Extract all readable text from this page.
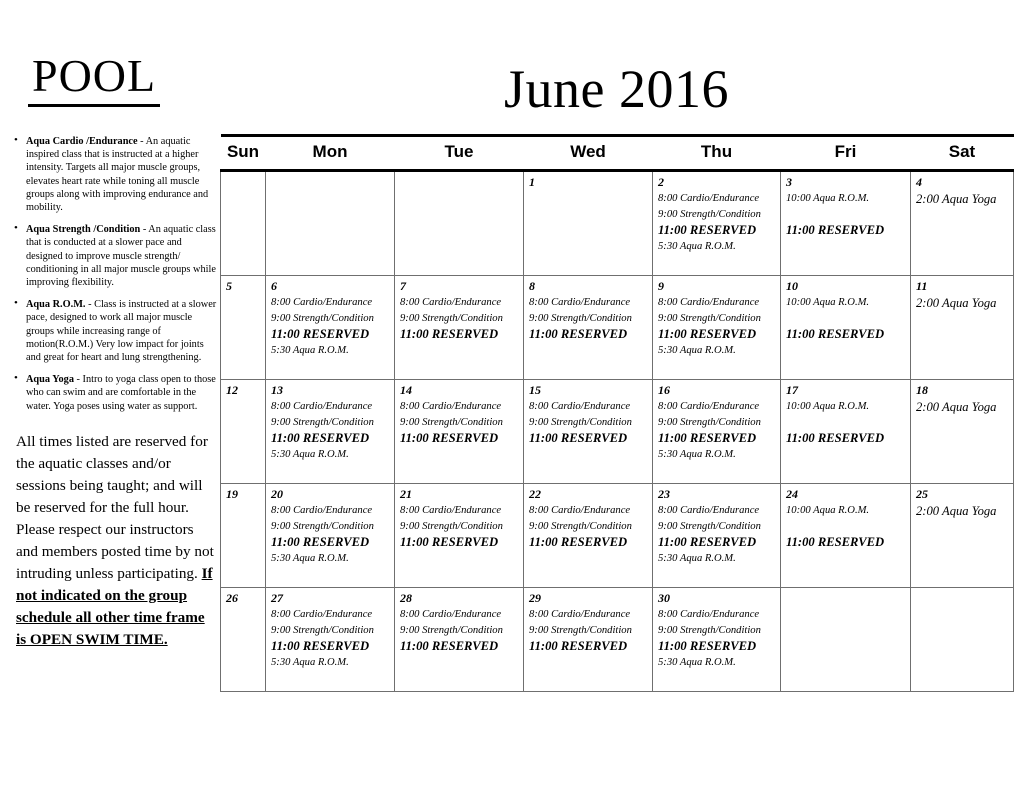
POOL
• Aqua Cardio /Endurance - An aquatic inspired class that is instructed at a higher intensity. Targets all major muscle groups, elevates heart rate while toning all muscle groups along with improving endurance and mobility.
• Aqua Strength /Condition - An aquatic class that is conducted at a slower pace and designed to improve muscle strength/ conditioning in all major muscle groups while improving flexibility.
• Aqua R.O.M. - Class is instructed at a slower pace, designed to work all major muscle groups while increasing range of motion(R.O.M.) Very low impact for joints and great for heart and lung strengthening.
• Aqua Yoga - Intro to yoga class open to those who can swim and are comfortable in the water. Yoga poses using water as support.

All times listed are reserved for the aquatic classes and/or sessions being taught; and will be reserved for the full hour. Please respect our instructors and members posted time by not intruding unless participating. If not indicated on the group schedule all other time frame is OPEN SWIM TIME.

June 2016
Sun	Mon	Tue	Wed	Thu	Fri	Sat

			1	2
8:00 Cardio/Endurance
9:00 Strength/Condition
11:00 RESERVED
5:30 Aqua R.O.M.	3
10:00 Aqua R.O.M.
11:00 RESERVED	4
2:00 Aqua Yoga

5	6
8:00 Cardio/Endurance
9:00 Strength/Condition
11:00 RESERVED
5:30 Aqua R.O.M.	7
8:00 Cardio/Endurance
9:00 Strength/Condition
11:00 RESERVED	8
8:00 Cardio/Endurance
9:00 Strength/Condition
11:00 RESERVED	9
8:00 Cardio/Endurance
9:00 Strength/Condition
11:00 RESERVED
5:30 Aqua R.O.M.	10
10:00 Aqua R.O.M.
11:00 RESERVED	11
2:00 Aqua Yoga

12	13
8:00 Cardio/Endurance
9:00 Strength/Condition
11:00 RESERVED
5:30 Aqua R.O.M.	14
8:00 Cardio/Endurance
9:00 Strength/Condition
11:00 RESERVED	15
8:00 Cardio/Endurance
9:00 Strength/Condition
11:00 RESERVED	16
8:00 Cardio/Endurance
9:00 Strength/Condition
11:00 RESERVED
5:30 Aqua R.O.M.	17
10:00 Aqua R.O.M.
11:00 RESERVED	18
2:00 Aqua Yoga

19	20
8:00 Cardio/Endurance
9:00 Strength/Condition
11:00 RESERVED
5:30 Aqua R.O.M.	21
8:00 Cardio/Endurance
9:00 Strength/Condition
11:00 RESERVED	22
8:00 Cardio/Endurance
9:00 Strength/Condition
11:00 RESERVED	23
8:00 Cardio/Endurance
9:00 Strength/Condition
11:00 RESERVED
5:30 Aqua R.O.M.	24
10:00 Aqua R.O.M.
11:00 RESERVED	25
2:00 Aqua Yoga

26	27
8:00 Cardio/Endurance
9:00 Strength/Condition
11:00 RESERVED
5:30 Aqua R.O.M.	28
8:00 Cardio/Endurance
9:00 Strength/Condition
11:00 RESERVED	29
8:00 Cardio/Endurance
9:00 Strength/Condition
11:00 RESERVED	30
8:00 Cardio/Endurance
9:00 Strength/Condition
11:00 RESERVED
5:30 Aqua R.O.M.		
